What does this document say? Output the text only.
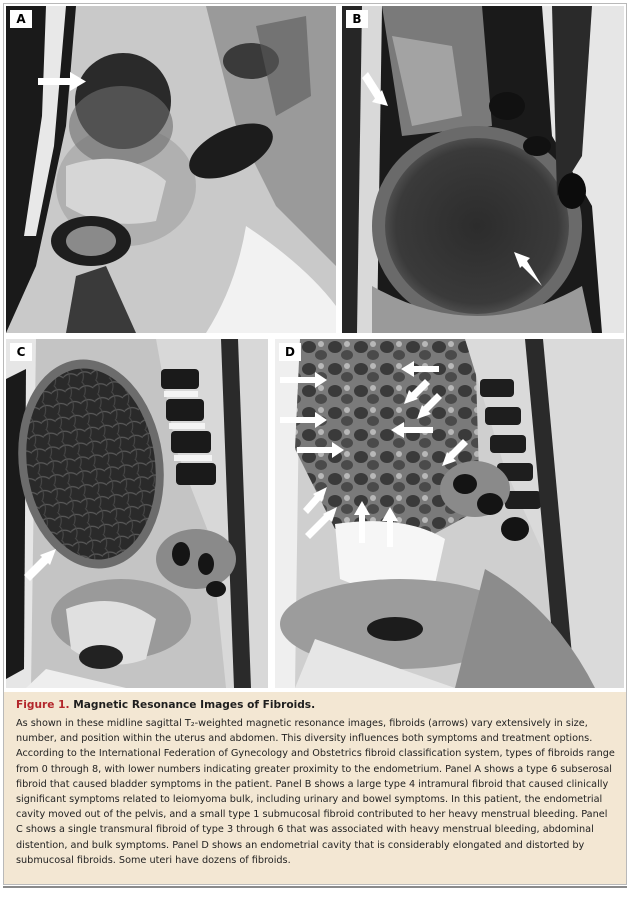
A	B
C	D

Figure 1. Magnetic Resonance Images of Fibroids.

As shown in these midline sagittal T₂-weighted magnetic resonance images, fibroids (arrows) vary extensively in size, number, and position within the uterus and abdomen. This diversity influences both symptoms and treatment options. According to the International Federation of Gynecology and Obstetrics fibroid classification system, types of fibroids range from 0 through 8, with lower numbers indicating greater proximity to the endometrium. Panel A shows a type 6 subserosal fibroid that caused bladder symptoms in the patient. Panel B shows a large type 4 intramural fibroid that caused clinically significant symptoms related to leiomyoma bulk, including urinary and bowel symptoms. In this patient, the endometrial cavity moved out of the pelvis, and a small type 1 submucosal fibroid contributed to her heavy menstrual bleeding. Panel C shows a single transmural fibroid of type 3 through 6 that was associated with heavy menstrual bleeding, abdominal distention, and bulk symptoms. Panel D shows an endometrial cavity that is considerably elongated and distorted by submucosal fibroids. Some uteri have dozens of fibroids.
